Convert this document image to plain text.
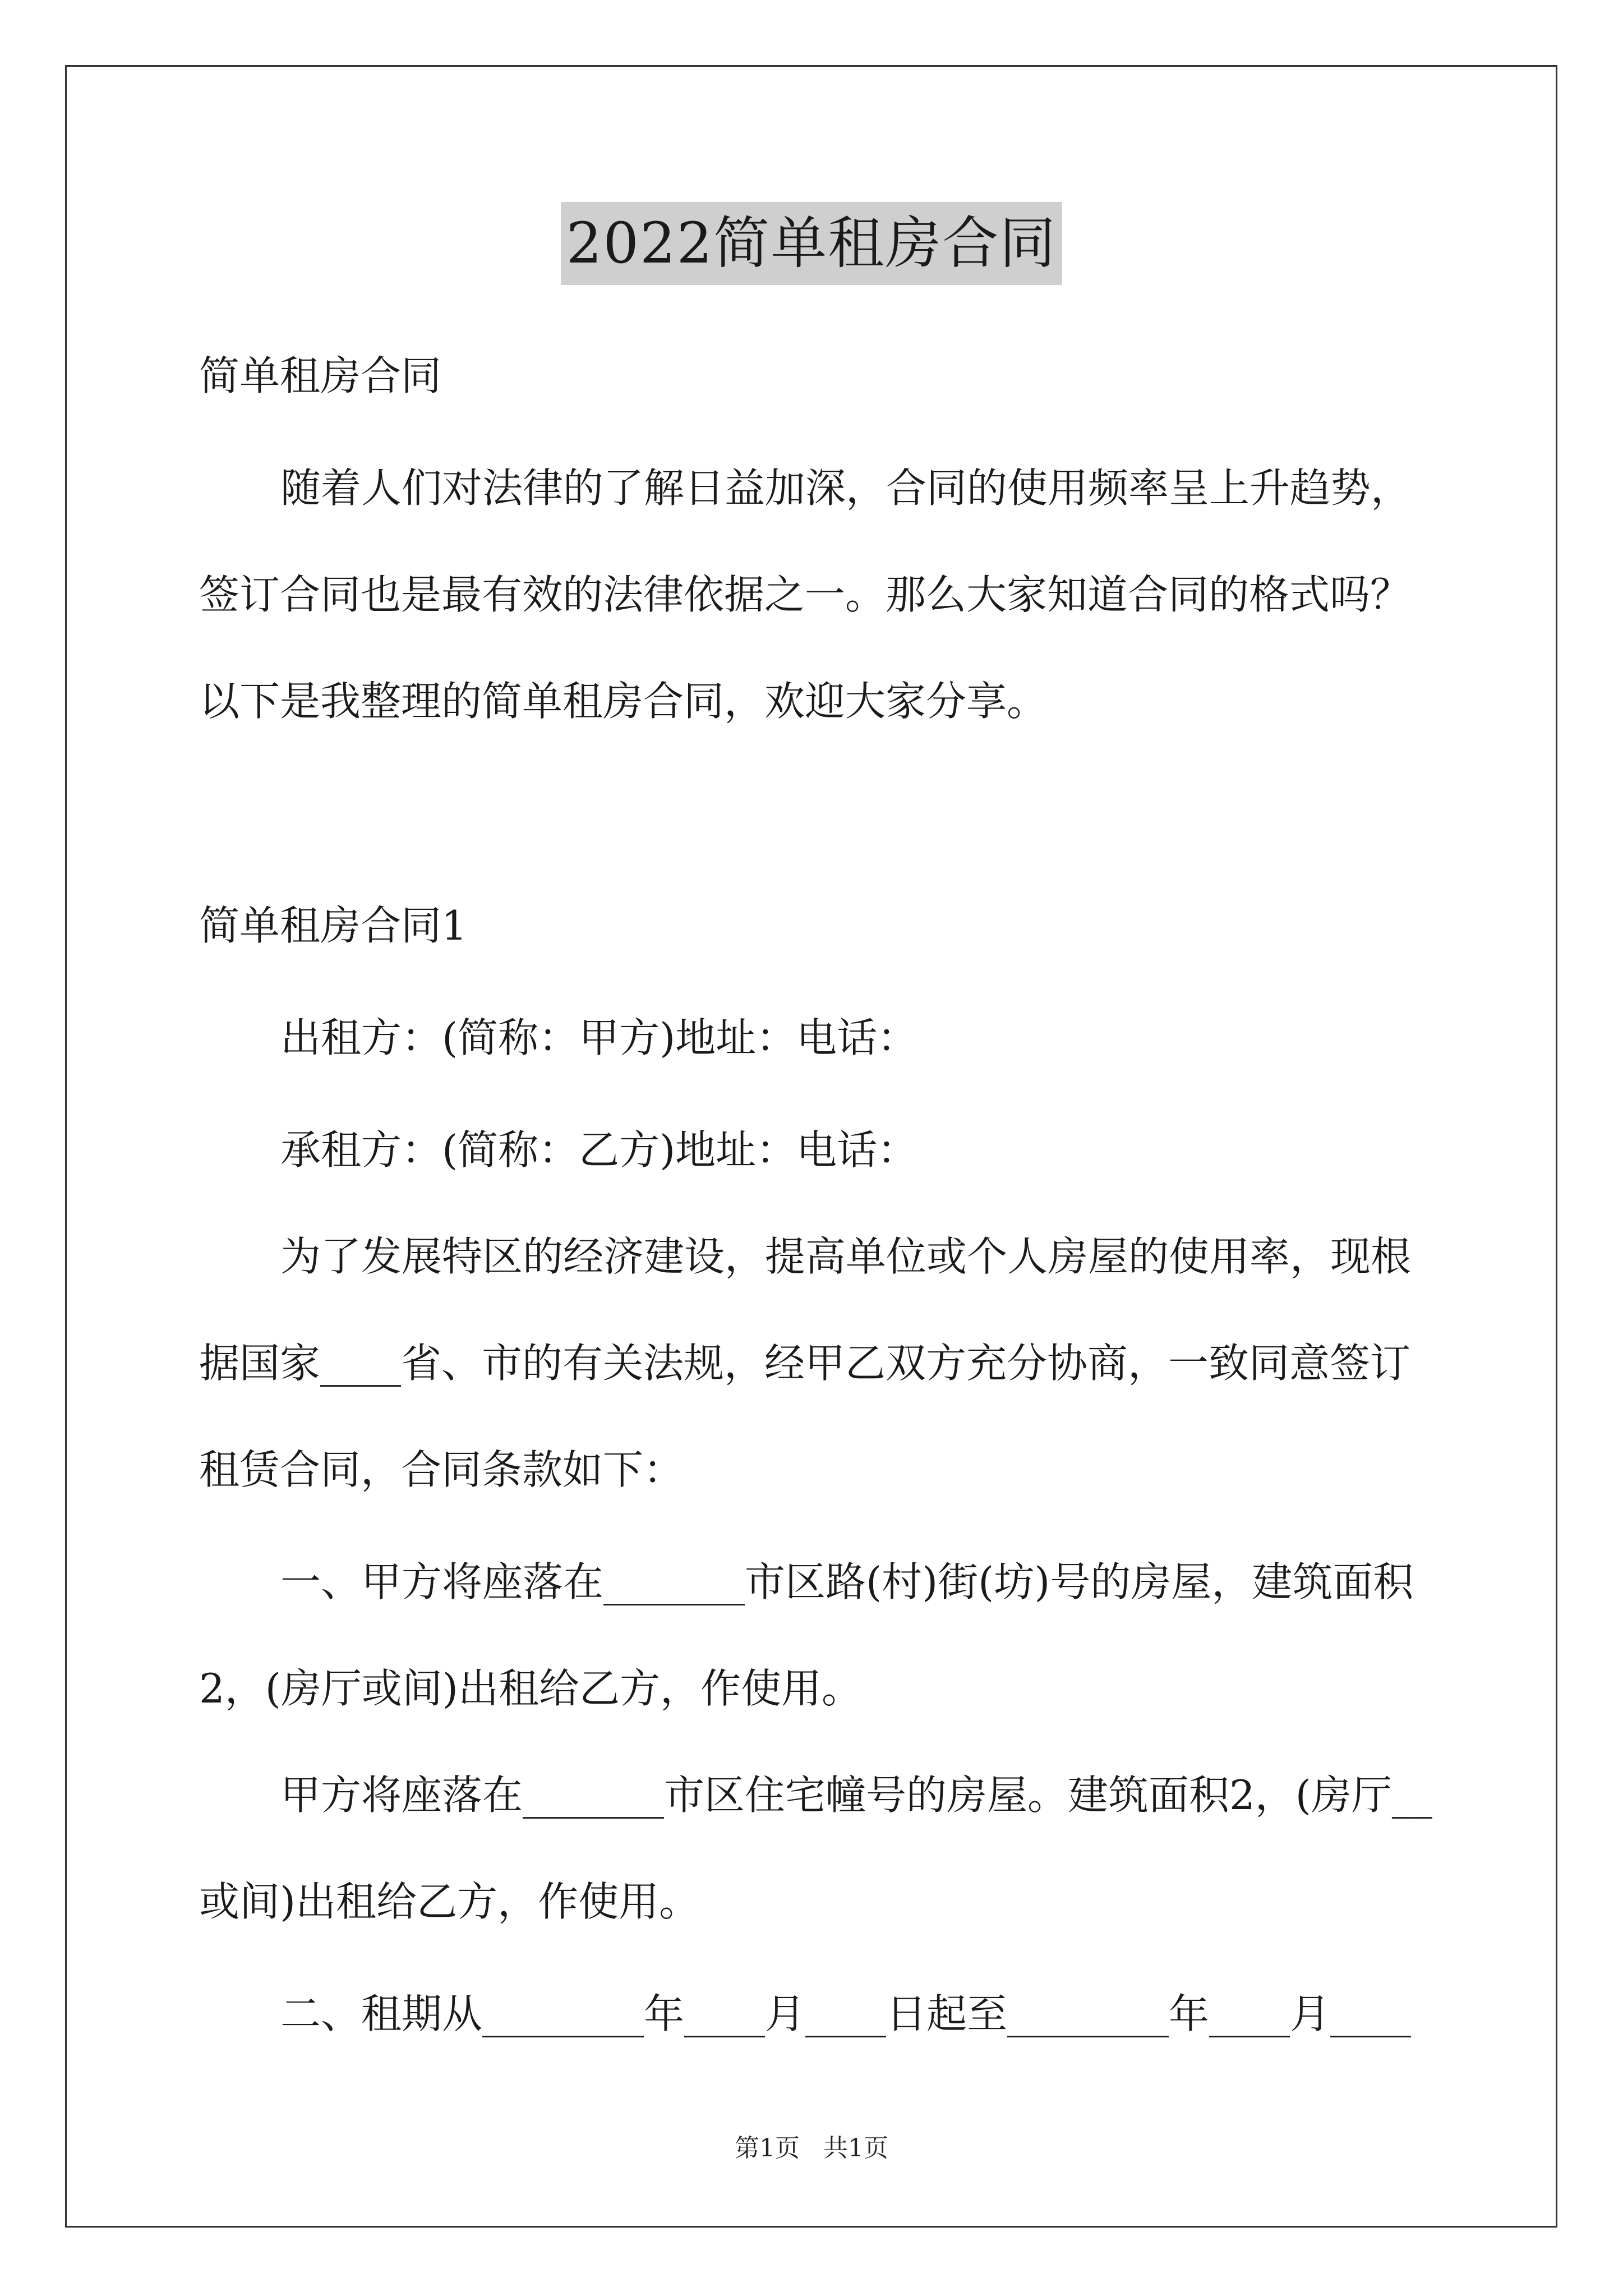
2022简单租房合同
简单租房合同
随着人们对法律的了解日益加深，合同的使用频率呈上升趋势，
签订合同也是最有效的法律依据之一。那么大家知道合同的格式吗？
以下是我整理的简单租房合同，欢迎大家分享。
简单租房合同1
出租方：(简称：甲方)地址：电话：
承租方：(简称：乙方)地址：电话：
为了发展特区的经济建设，提高单位或个人房屋的使用率，现根
据国家____省、市的有关法规，经甲乙双方充分协商，一致同意签订
租赁合同，合同条款如下：
一、甲方将座落在_______市区路(村)街(坊)号的房屋，建筑面积
2，(房厅或间)出租给乙方，作使用。
甲方将座落在_______市区住宅幢号的房屋。建筑面积2，(房厅__
或间)出租给乙方，作使用。
二、租期从________年____月____日起至________年____月____
第1页   共1页
